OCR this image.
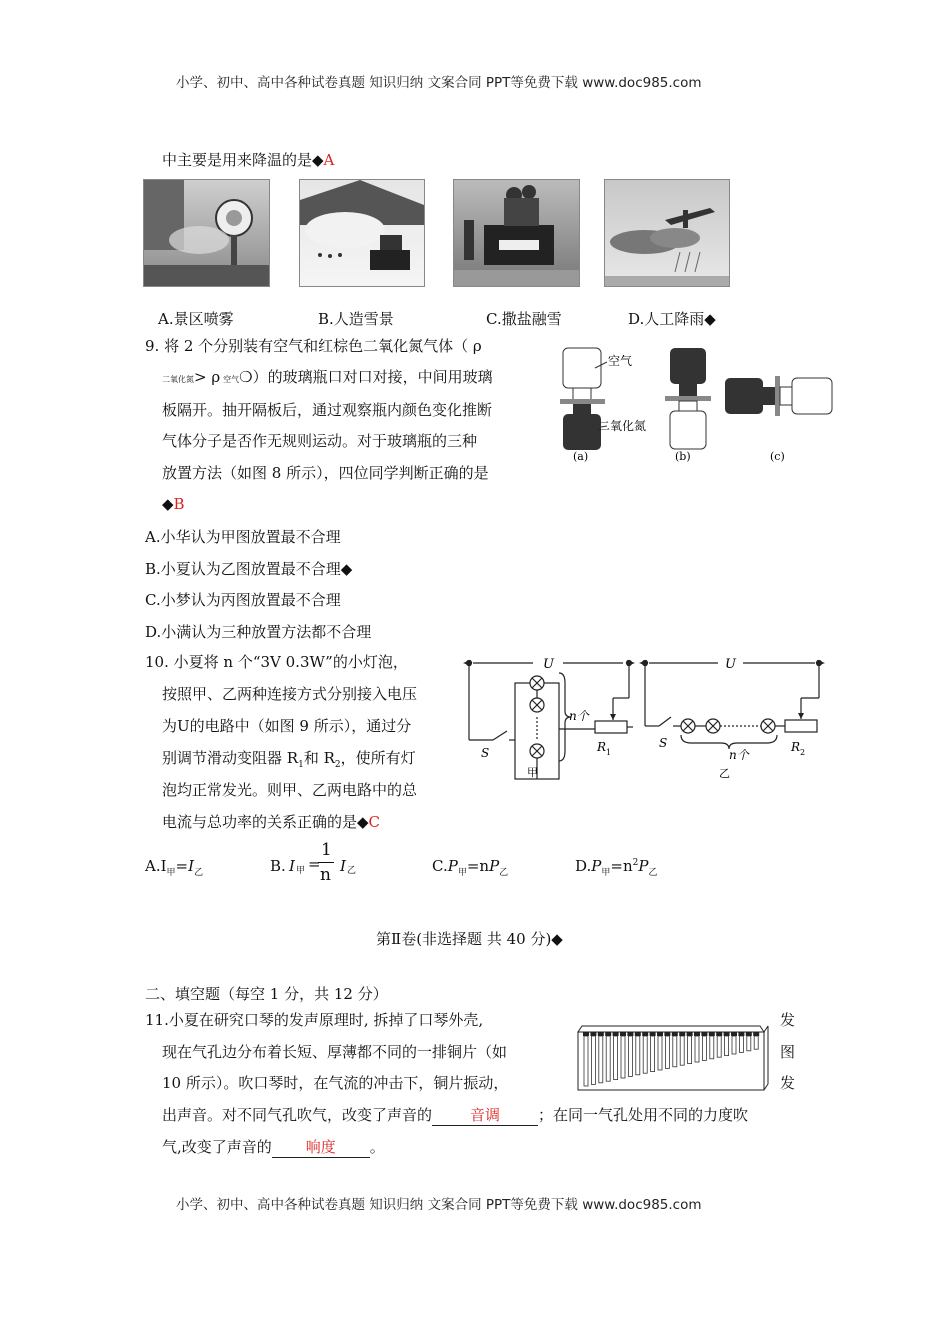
小学、初中、高中各种试卷真题 知识归纳 文案合同 PPT等免费下载 www.doc985.com
中主要是用来降温的是◆A
A.景区喷雾	B.人造雪景	C.撒盐融雪	D.人工降雨◆
9. 将 2 个分别装有空气和红棕色二氧化氮气体（ ρ
二氧化氮> ρ 空气❍）的玻璃瓶口对口对接，中间用玻璃
板隔开。抽开隔板后，通过观察瓶内颜色变化推断
气体分子是否作无规则运动。对于玻璃瓶的三种
放置方法（如图 8 所示），四位同学判断正确的是
◆B
空气
二氧化氮
(a)	(b)	(c)
A.小华认为甲图放置最不合理
B.小夏认为乙图放置最不合理◆
C.小梦认为丙图放置最不合理
D.小满认为三种放置方法都不合理
10. 小夏将 n 个“3V 0.3W”的小灯泡，
按照甲、乙两种连接方式分别接入电压
为U的电路中（如图 9 所示），通过分
别调节滑动变阻器 $R_1$和 $R_2$，使所有灯
泡均正常发光。则甲、乙两电路中的总
电流与总功率的关系正确的是◆C
U	U
n个
S
S
R 1	R 2
n个
甲	乙
$A.I_甲=I_乙$	B. I 甲 =
1
n I 乙	$C.P_甲=nP_乙$	$D.P_甲=n^2P_乙$
第Ⅱ卷(非选择题 共 40 分)◆
二、填空题（每空 1 分，共 12 分）
11.小夏在研究口琴的发声原理时, 拆掉了口琴外壳,	发
现在气孔边分布着长短、厚薄都不同的一排铜片（如	图
10 所示）。吹口琴时，在气流的冲击下，铜片振动，	发
出声音。对不同气孔吹气，改变了声音的	音调	；在同一气孔处用不同的力度吹
气,改变了声音的 响度 。
小学、初中、高中各种试卷真题 知识归纳 文案合同 PPT等免费下载 www.doc985.com
